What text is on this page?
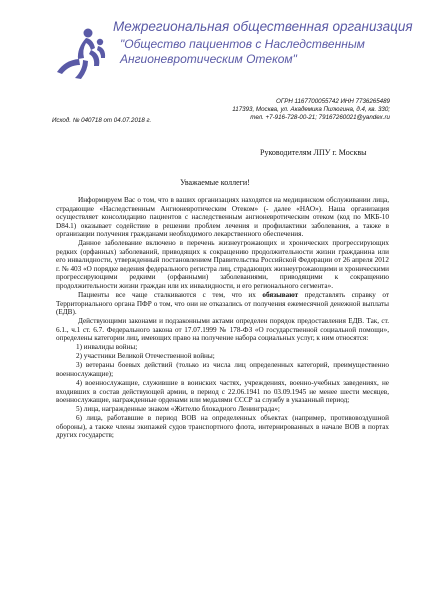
Межрегиональная общественная организация
"Общество пациентов с Наследственным Ангионевротическим Отеком"
ОГРН 1167700055742 ИНН 7736265489
117393, Москва, ул. Академика Пилюгина, д.4, кв. 330;
тел. +7-916-728-00-21; 79167260021@yandex.ru
Исход. № 040718 от 04.07.2018 г.
Руководителям ЛПУ г. Москвы
Уважаемые коллеги!

Информируем Вас о том, что в ваших организациях находятся на медицинском обслуживании лица, страдающие «Наследственным Ангионевротическим Отеком» (- далее «НАО»). Наша организация осуществляет консолидацию пациентов с наследственным ангионевротическим отеком (код по МКБ-10 D84.1) оказывает содействие в решении проблем лечения и профилактики заболевания, а также в организации получения гражданами необходимого лекарственного обеспечения.

Данное заболевание включено в перечень жизнеугрожающих и хронических прогрессирующих редких (орфанных) заболеваний, приводящих к сокращению продолжительности жизни гражданина или его инвалидности, утвержденный постановлением Правительства Российской Федерации от 26 апреля 2012 г. № 403 «О порядке ведения федерального регистра лиц, страдающих жизнеугрожающими и хроническими прогрессирующими редкими (орфанными) заболеваниями, приводящими к сокращению продолжительности жизни граждан или их инвалидности, и его регионального сегмента».

Пациенты все чаще сталкиваются с тем, что их обязывают представлять справку от Территориального органа ПФР о том, что они не отказались от получения ежемесячной денежной выплаты (ЕДВ).

Действующими законами и подзаконными актами определен порядок предоставления ЕДВ. Так, ст. 6.1., ч.1 ст. 6.7. Федерального закона от 17.07.1999 № 178-ФЗ «О государственной социальной помощи», определены категории лиц, имеющих право на получение набора социальных услуг, к ним относятся:

1) инвалиды войны;

2) участники Великой Отечественной войны;

3) ветераны боевых действий (только из числа лиц определенных категорий, преимущественно военнослужащие);

4) военнослужащие, служившие в воинских частях, учреждениях, военно-учебных заведениях, не входивших в состав действующей армии, в период с 22.06.1941 по 03.09.1945 не менее шести месяцев, военнослужащие, награжденные орденами или медалями СССР за службу в указанный период;

5) лица, награжденные знаком «Жителю блокадного Ленинграда»;

6) лица, работавшие в период ВОВ на определенных объектах (например, противовоздушной обороны), а также члены экипажей судов транспортного флота, интернированных в начале ВОВ в портах других государств;
